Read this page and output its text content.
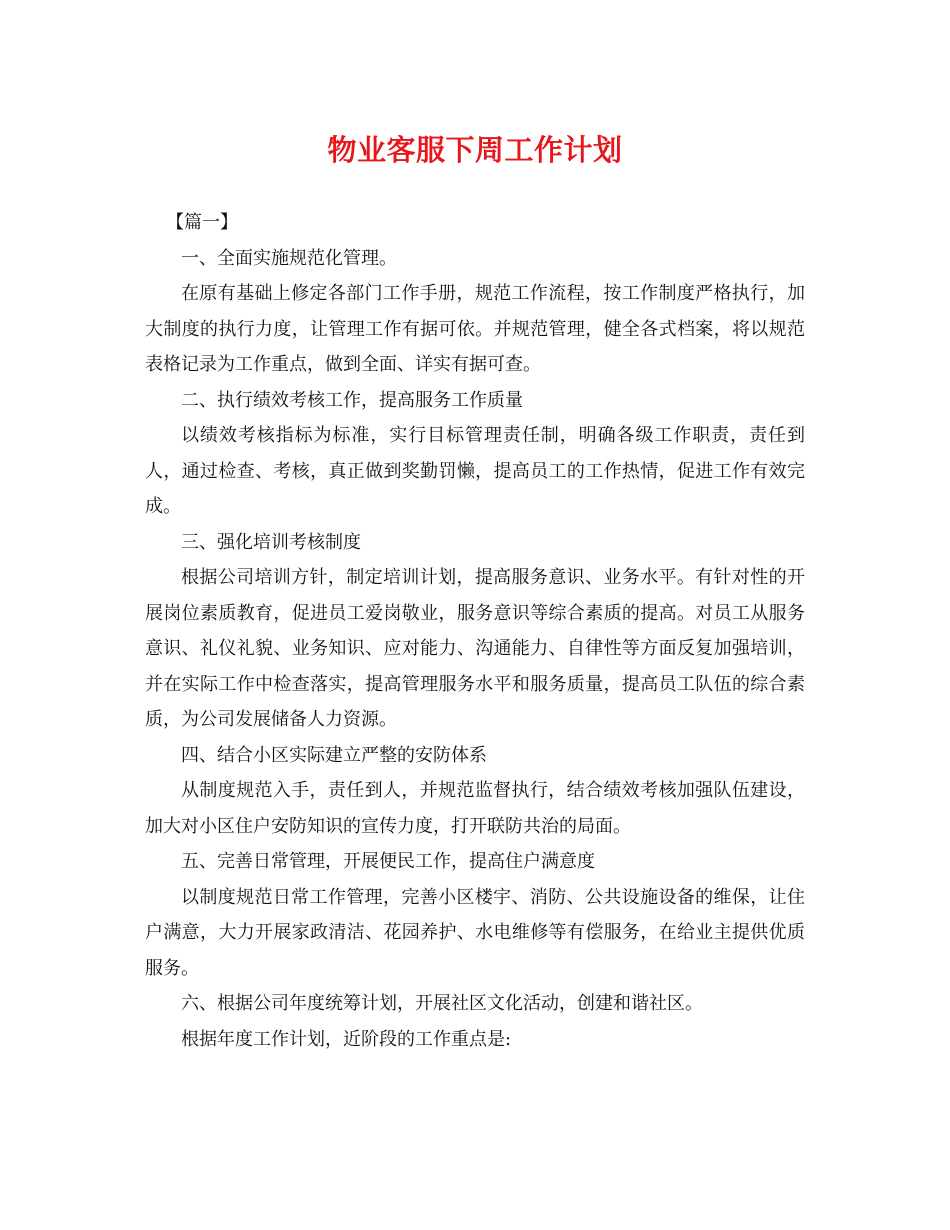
物业客服下周工作计划

【篇一】

一、全面实施规范化管理。

在原有基础上修定各部门工作手册，规范工作流程，按工作制度严格执行，加大制度的执行力度，让管理工作有据可依。并规范管理，健全各式档案，将以规范表格记录为工作重点，做到全面、详实有据可查。

二、执行绩效考核工作，提高服务工作质量

以绩效考核指标为标准，实行目标管理责任制，明确各级工作职责，责任到人，通过检查、考核，真正做到奖勤罚懒，提高员工的工作热情，促进工作有效完成。

三、强化培训考核制度

根据公司培训方针，制定培训计划，提高服务意识、业务水平。有针对性的开展岗位素质教育，促进员工爱岗敬业，服务意识等综合素质的提高。对员工从服务意识、礼仪礼貌、业务知识、应对能力、沟通能力、自律性等方面反复加强培训，并在实际工作中检查落实，提高管理服务水平和服务质量，提高员工队伍的综合素质，为公司发展储备人力资源。

四、结合小区实际建立严整的安防体系

从制度规范入手，责任到人，并规范监督执行，结合绩效考核加强队伍建设，加大对小区住户安防知识的宣传力度，打开联防共治的局面。

五、完善日常管理，开展便民工作，提高住户满意度

以制度规范日常工作管理，完善小区楼宇、消防、公共设施设备的维保，让住户满意，大力开展家政清洁、花园养护、水电维修等有偿服务，在给业主提供优质服务。

六、根据公司年度统筹计划，开展社区文化活动，创建和谐社区。

根据年度工作计划，近阶段的工作重点是:
